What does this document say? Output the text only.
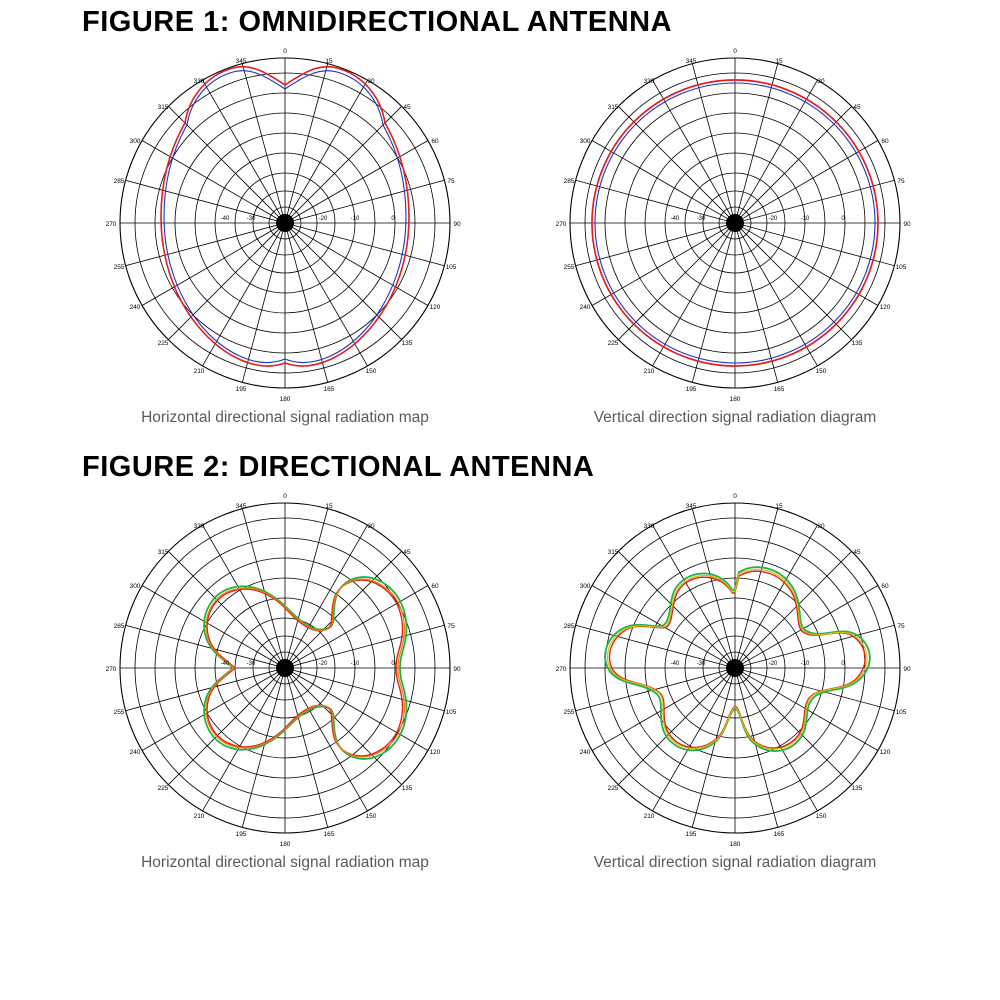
FIGURE 1: OMNIDIRECTIONAL ANTENNA
0
15
30
45
60
75
90
105
120
135
150
165
180
195
210
225
240
255
270
285
300
315
330
345
-40	-30	-20	-10	0
Horizontal directional signal radiation map
0
15
30
45
60
75
90
105
120
135
150
165
180
195
210
225
240
255
270
285
300
315
330
345
-40	-30	-20	-10	0
Vertical direction signal radiation diagram
FIGURE 2: DIRECTIONAL ANTENNA
0
15
30
45
60
75
90
105
120
135
150
165
180
195
210
225
240
255
270
285
300
315
330
345
-40	-30	-20	-10	0
Horizontal directional signal radiation map
0
15
30
45
60
75
90
105
120
135
150
165
180
195
210
225
240
255
270
285
300
315
330
345
-40	-30	-20	-10	0
Vertical direction signal radiation diagram
